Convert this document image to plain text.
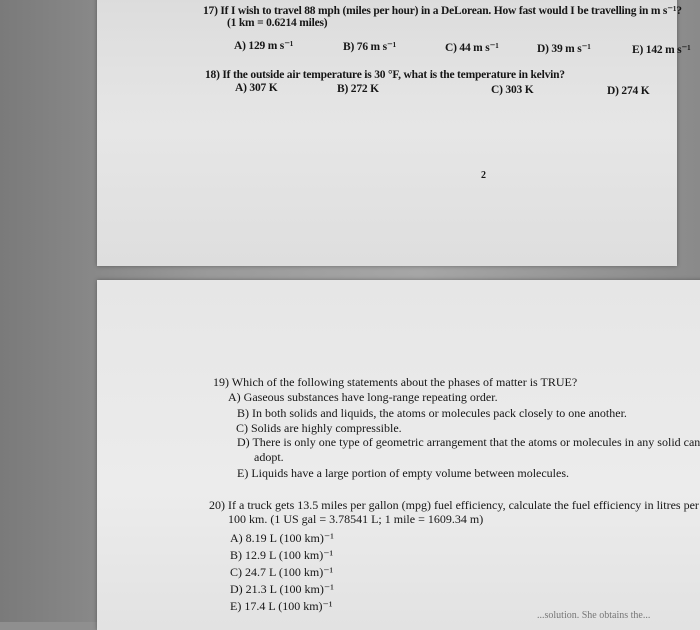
17) If I wish to travel 88 mph (miles per hour) in a DeLorean. How fast would I be travelling in m s⁻¹?
(1 km = 0.6214 miles)
A) 129 m s⁻¹	B) 76 m s⁻¹	C) 44 m s⁻¹	D) 39 m s⁻¹	E) 142 m s⁻¹
18) If the outside air temperature is 30 °F, what is the temperature in kelvin?
A) 307 K	B) 272 K	C) 303 K	D) 274 K
2
19) Which of the following statements about the phases of matter is TRUE?
A) Gaseous substances have long-range repeating order.
B) In both solids and liquids, the atoms or molecules pack closely to one another.
C) Solids are highly compressible.
D) There is only one type of geometric arrangement that the atoms or molecules in any solid can
adopt.
E) Liquids have a large portion of empty volume between molecules.
20) If a truck gets 13.5 miles per gallon (mpg) fuel efficiency, calculate the fuel efficiency in litres per
100 km. (1 US gal = 3.78541 L; 1 mile = 1609.34 m)
A) 8.19 L (100 km)⁻¹
B) 12.9 L (100 km)⁻¹
C) 24.7 L (100 km)⁻¹
D) 21.3 L (100 km)⁻¹
E) 17.4 L (100 km)⁻¹
...solution. She obtains the...
